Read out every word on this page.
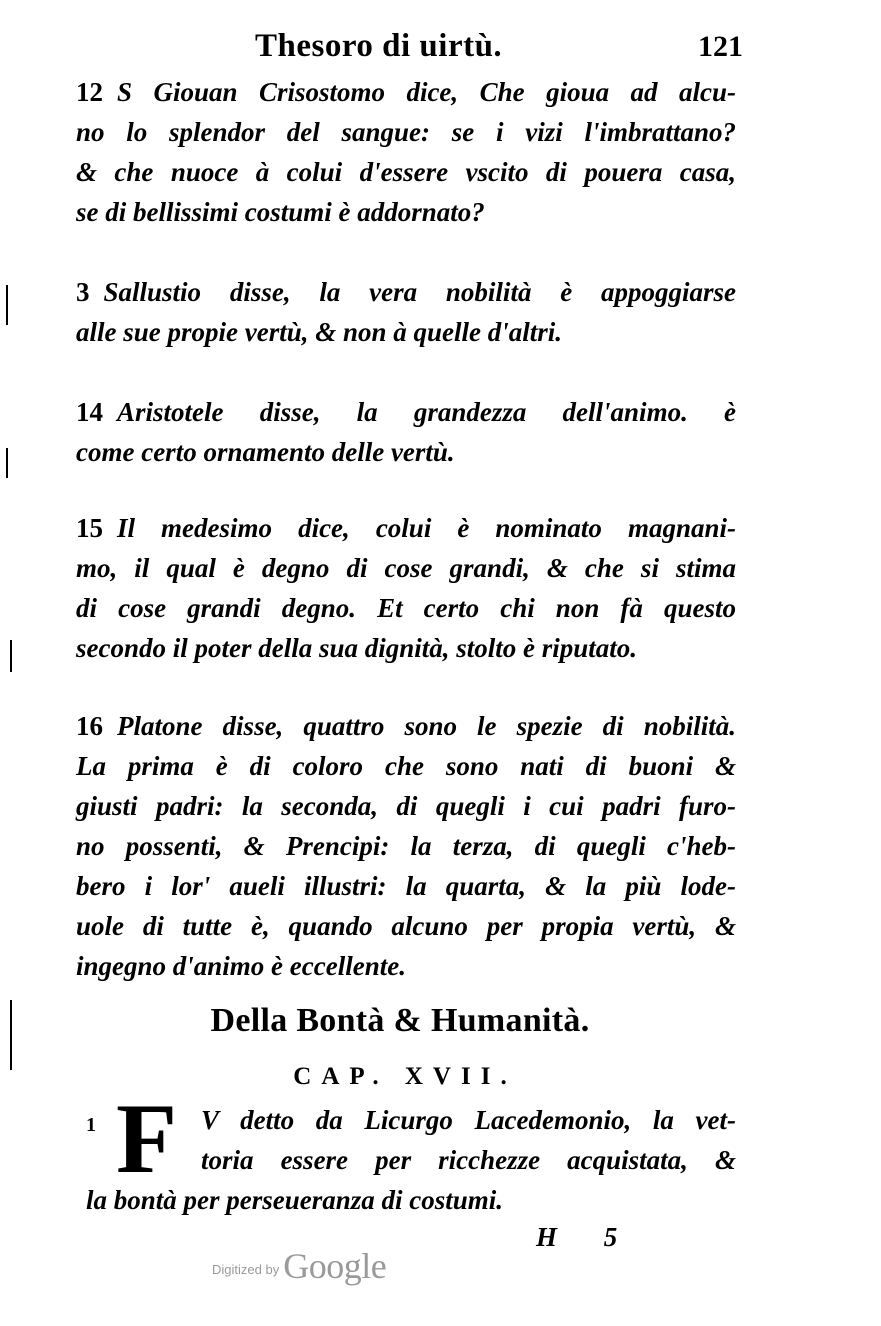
Thesoro di uirtù.	121
12 S Giouan Crisostomo dice, Che gioua ad alcu-
no lo splendor del sangue: se i vizi l'imbrattano?
& che nuoce à colui d'essere vscito di pouera casa,
se di bellissimi costumi è addornato?
3 Sallustio disse, la vera nobilità è appoggiarse
alle sue propie vertù, & non à quelle d'altri.
14 Aristotele disse, la grandezza dell'animo. è
come certo ornamento delle vertù.
15 Il medesimo dice, colui è nominato magnani-
mo, il qual è degno di cose grandi, & che si stima
di cose grandi degno. Et certo chi non fà questo
secondo il poter della sua dignità, stolto è riputato.
16 Platone disse, quattro sono le spezie di nobilità.
La prima è di coloro che sono nati di buoni &
giusti padri: la seconda, di quegli i cui padri furo-
no possenti, & Prencipi: la terza, di quegli c'heb-
bero i lor' aueli illustri: la quarta, & la più lode-
uole di tutte è, quando alcuno per propia vertù, &
ingegno d'animo è eccellente.
Della Bontà & Humanità.
CAP. XVII.
1 F V detto da Licurgo Lacedemonio, la vet-
toria essere per ricchezze acquistata, &
la bontà per perseueranza di costumi.
H 5
$^{Digitized by}$ Google
